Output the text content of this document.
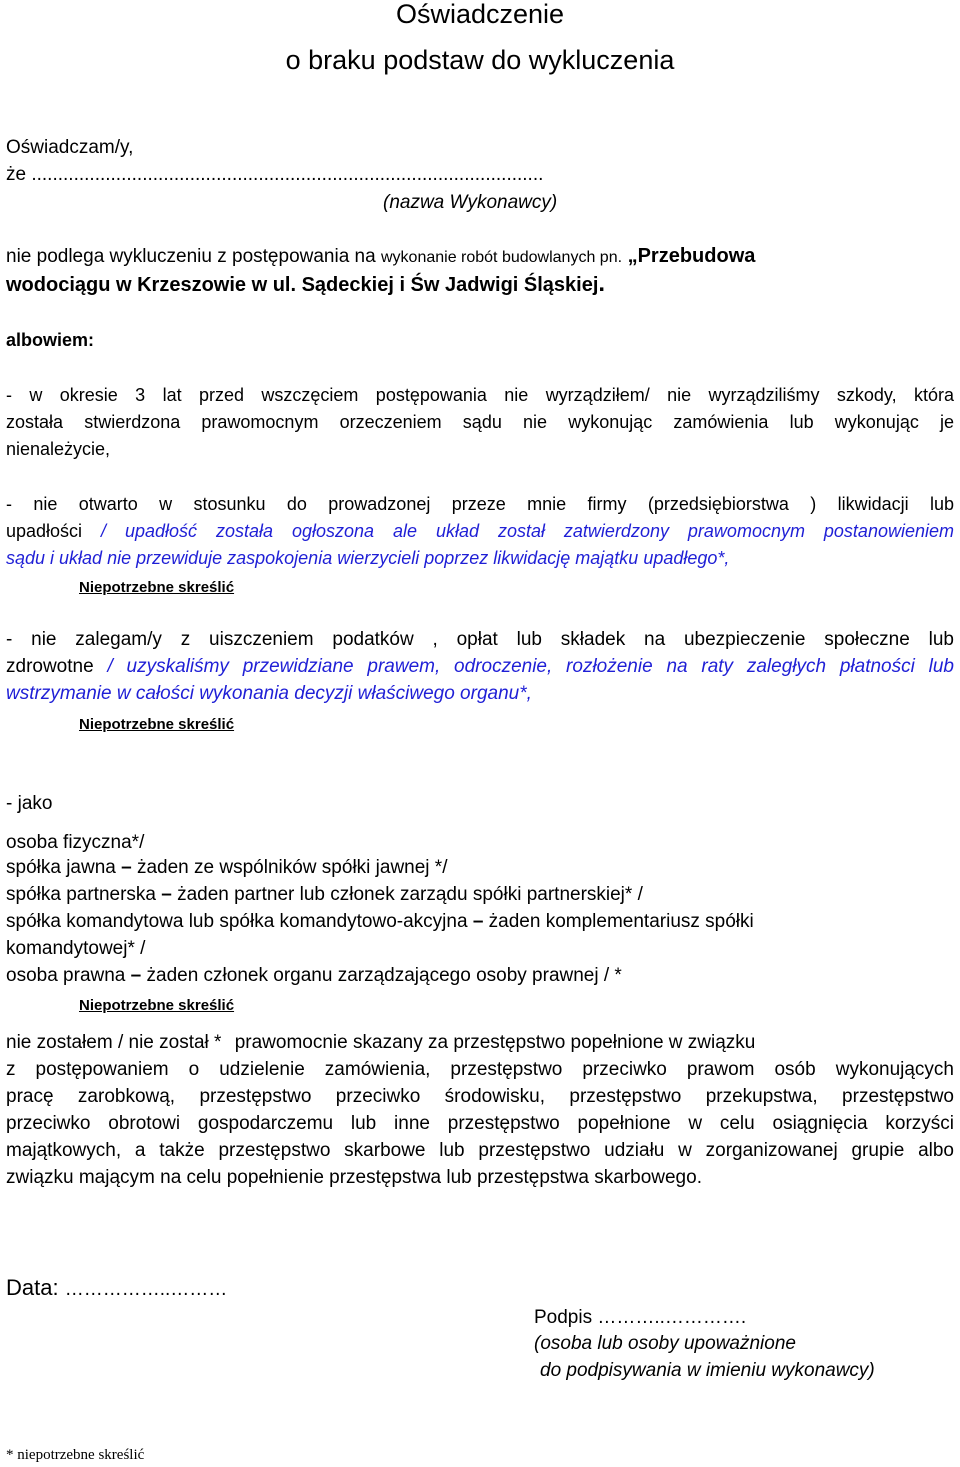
Oświadczenie
o braku podstaw do wykluczenia
Oświadczam/y,
że .................................................................................................
(nazwa Wykonawcy)
nie podlega wykluczeniu z postępowania na wykonanie robót budowlanych pn. „Przebudowa
wodociągu w Krzeszowie w ul. Sądeckiej i Św Jadwigi Śląskiej.
albowiem:
- w okresie 3 lat przed wszczęciem postępowania nie wyrządziłem/ nie wyrządziliśmy szkody, która
została stwierdzona prawomocnym orzeczeniem sądu nie wykonując zamówienia lub wykonując je
nienależycie,
- nie otwarto w stosunku do prowadzonej przeze mnie firmy (przedsiębiorstwa ) likwidacji lub
upadłości / upadłość została ogłoszona ale układ został zatwierdzony prawomocnym postanowieniem
sądu i układ nie przewiduje zaspokojenia wierzycieli poprzez likwidację majątku upadłego*,
Niepotrzebne skreślić
- nie zalegam/y z uiszczeniem podatków , opłat lub składek na ubezpieczenie społeczne lub
zdrowotne / uzyskaliśmy przewidziane prawem, odroczenie, rozłożenie na raty zaległych płatności lub
wstrzymanie w całości wykonania decyzji właściwego organu*,
Niepotrzebne skreślić
- jako
osoba fizyczna*/
spółka jawna – żaden ze wspólników spółki jawnej */
spółka partnerska – żaden partner lub członek zarządu spółki partnerskiej* /
spółka komandytowa lub spółka komandytowo-akcyjna – żaden komplementariusz spółki
komandytowej* /
osoba prawna – żaden członek organu zarządzającego osoby prawnej / *
Niepotrzebne skreślić
nie zostałem / nie został * prawomocnie skazany za przestępstwo popełnione w związku
z postępowaniem o udzielenie zamówienia, przestępstwo przeciwko prawom osób wykonujących
pracę zarobkową, przestępstwo przeciwko środowisku, przestępstwo przekupstwa, przestępstwo
przeciwko obrotowi gospodarczemu lub inne przestępstwo popełnione w celu osiągnięcia korzyści
majątkowych, a także przestępstwo skarbowe lub przestępstwo udziału w zorganizowanej grupie albo
związku mającym na celu popełnienie przestępstwa lub przestępstwa skarbowego.
Data: ……………..………
Podpis ………..………….
(osoba lub osoby upoważnione
do podpisywania w imieniu wykonawcy)
* niepotrzebne skreślić
